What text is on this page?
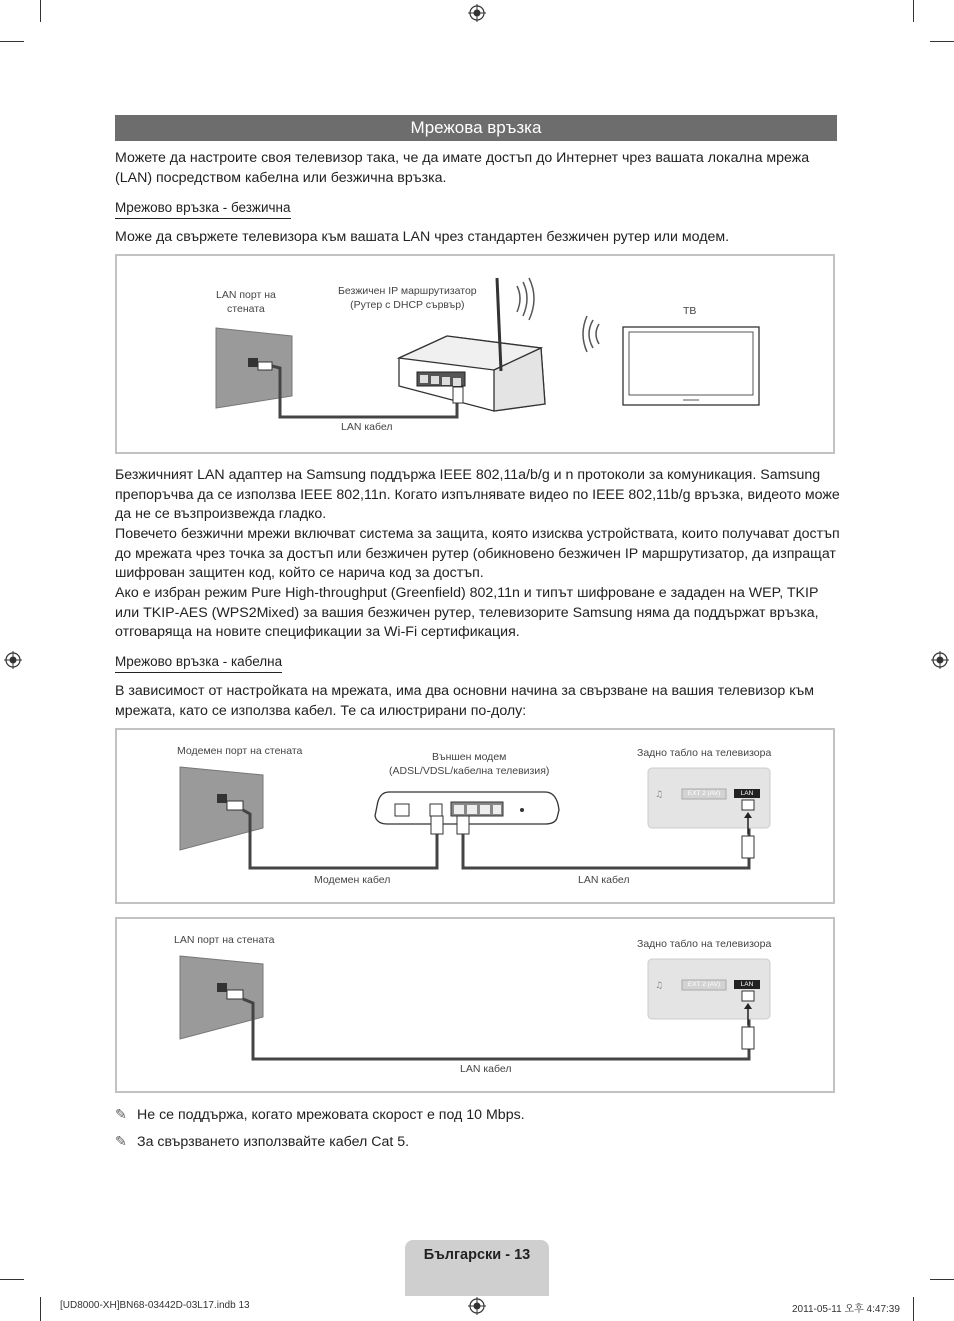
Мрежова връзка

Можете да настроите своя телевизор така, че да имате достъп до Интернет чрез вашата локална мрежа (LAN) посредством кабелна или безжична връзка.

Мрежово връзка - безжична

Може да свържете телевизора към вашата LAN чрез стандартен безжичен рутер или модем.

LAN порт на
стената
Безжичен IP маршрутизатор
(Рутер с DHCP сървър)	ТВ
LAN кабел

Безжичният LAN адаптер на Samsung поддържа IEEE 802,11a/b/g и n протоколи за комуникация. Samsung препоръчва да се използва IEEE 802,11n. Когато изпълнявате видео по IEEE 802,11b/g връзка, видеото може да не се възпроизвежда гладко.

Повечето безжични мрежи включват система за защита, която изисква устройствата, които получават достъп до мрежата чрез точка за достъп или безжичен рутер (обикновено безжичен IP маршрутизатор, да изпращат шифрован защитен код, който се нарича код за достъп.

Ако е избран режим Pure High-throughput (Greenfield) 802,11n и типът шифроване е зададен на WEP, TKIP или TKIP-AES (WPS2Mixed) за вашия безжичен рутер, телевизорите Samsung няма да поддържат връзка, отговаряща на новите спецификации за Wi-Fi сертификация.

Мрежово връзка - кабелна

В зависимост от настройката на мрежата, има два основни начина за свързване на вашия телевизор към мрежата, като се използва кабел. Те са илюстрирани по-долу:

♫
Модемен порт на стената	Външен модем
(ADSL/VDSL/кабелна телевизия)
Задно табло на телевизора
Модемен кабел	LAN кабел
EXT 2 (AV)	LAN
♫
LAN порт на стената	Задно табло на телевизора
LAN кабел
EXT 2 (AV)	LAN
✎ Не се поддържа, когато мрежовата скорост е под 10 Mbps.
✎ За свързването използвайте кабел Cat 5.
Български - 13
[UD8000-XH]BN68-03442D-03L17.indb 13	2011-05-11 오후 4:47:39
